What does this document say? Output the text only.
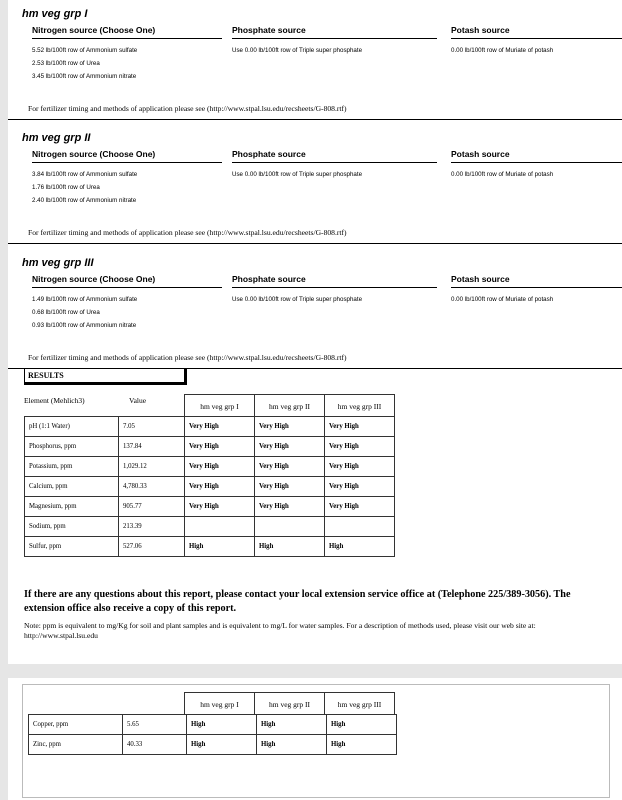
hm veg grp I
Nitrogen source (Choose One)	Phosphate source	Potash source
5.52 lb/100ft row of Ammonium sulfate
2.53 lb/100ft row of Urea
3.45 lb/100ft row of Ammonium nitrate
Use 0.00 lb/100ft row of Triple super phosphate	0.00 lb/100ft row of Muriate of potash
For fertilizer timing and methods of application please see (http://www.stpal.lsu.edu/recsheets/G-808.rtf)
hm veg grp II
Nitrogen source (Choose One)	Phosphate source	Potash source
3.84 lb/100ft row of Ammonium sulfate
1.76 lb/100ft row of Urea
2.40 lb/100ft row of Ammonium nitrate
Use 0.00 lb/100ft row of Triple super phosphate	0.00 lb/100ft row of Muriate of potash
For fertilizer timing and methods of application please see (http://www.stpal.lsu.edu/recsheets/G-808.rtf)
hm veg grp III
Nitrogen source (Choose One)	Phosphate source	Potash source
1.49 lb/100ft row of Ammonium sulfate
0.68 lb/100ft row of Urea
0.93 lb/100ft row of Ammonium nitrate
Use 0.00 lb/100ft row of Triple super phosphate	0.00 lb/100ft row of Muriate of potash
For fertilizer timing and methods of application please see (http://www.stpal.lsu.edu/recsheets/G-808.rtf)
RESULTS
Element (Mehlich3)	Value
hm veg grp I	hm veg grp II	hm veg grp III
pH (1:1 Water)	7.05	Very High	Very High	Very High
Phosphorus, ppm	137.84	Very High	Very High	Very High
Potassium, ppm	1,029.12	Very High	Very High	Very High
Calcium, ppm	4,780.33	Very High	Very High	Very High
Magnesium, ppm	905.77	Very High	Very High	Very High
Sodium, ppm	213.39			
Sulfur, ppm	527.06	High	High	High
If there are any questions about this report, please contact your local extension service office at (Telephone 225/389-3056). The extension office also receive a copy of this report.
Note: ppm is equivalent to mg/Kg for soil and plant samples and is equivalent to mg/L for water samples. For a description of methods used, please visit our web site at: http://www.stpal.lsu.edu
hm veg grp I	hm veg grp II	hm veg grp III
Copper, ppm	5.65	High	High	High
Zinc, ppm	40.33	High	High	High
